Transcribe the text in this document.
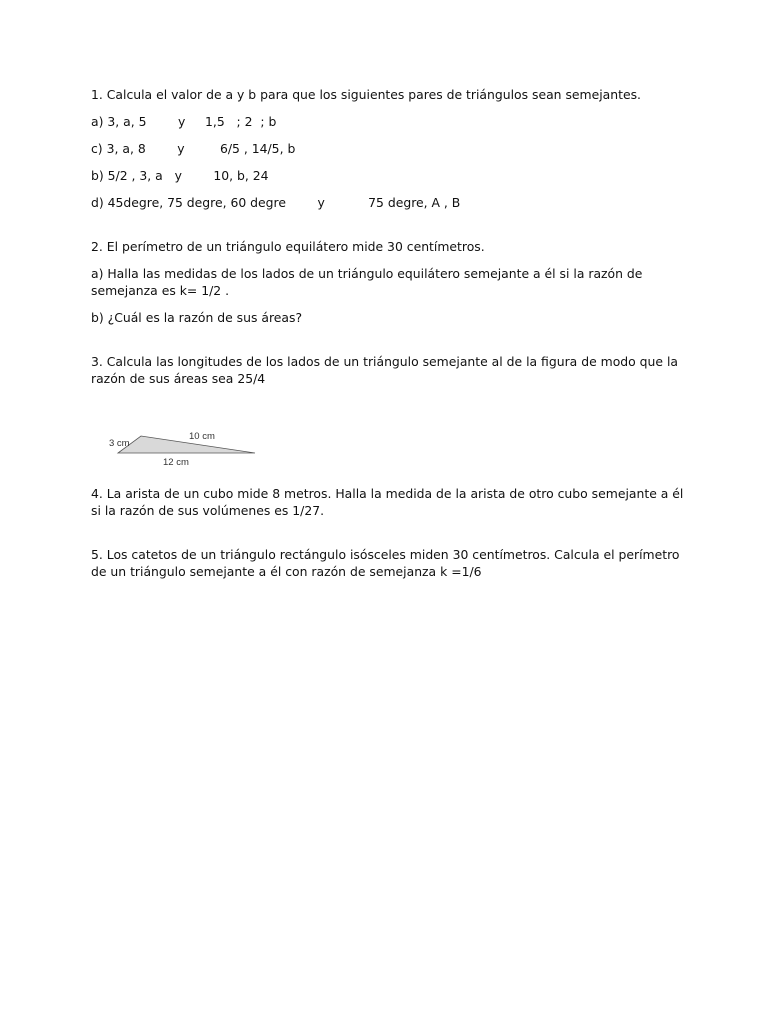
1. Calcula el valor de a y b para que los siguientes pares de triángulos sean semejantes.

a) 3, a, 5        y     1,5   ; 2  ; b

c) 3, a, 8        y         6/5 , 14/5, b

b) 5/2 , 3, a   y        10, b, 24

d) 45degre, 75 degre, 60 degre        y           75 degre, A , B

2. El perímetro de un triángulo equilátero mide 30 centímetros.

a) Halla las medidas de los lados de un triángulo equilátero semejante a él si la razón de semejanza es k= 1/2 .

b) ¿Cuál es la razón de sus áreas?

3. Calcula las longitudes de los lados de un triángulo semejante al de la figura de modo que la razón de sus áreas sea 25/4

3 cm
10 cm
12 cm

4. La arista de un cubo mide 8 metros. Halla la medida de la arista de otro cubo semejante a él si la razón de sus volúmenes es 1/27.

5. Los catetos de un triángulo rectángulo isósceles miden 30 centímetros. Calcula el perímetro de un triángulo semejante a él con razón de semejanza k =1/6
